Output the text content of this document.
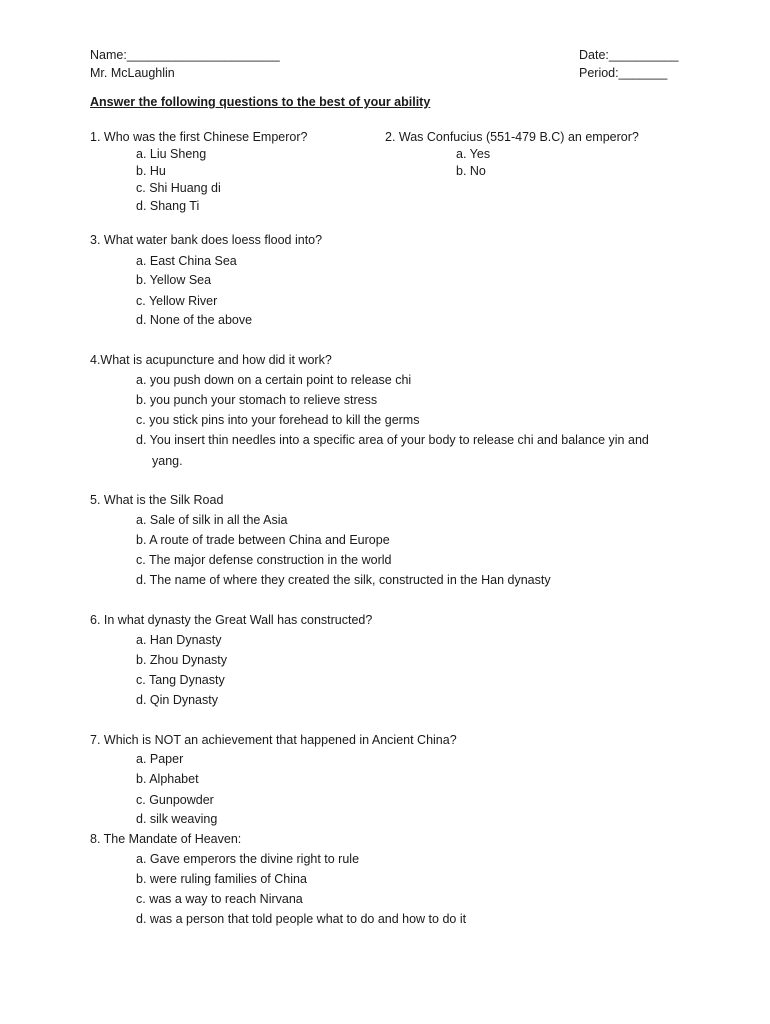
Name:______________________
Mr. McLaughlin
Date:__________
Period:_______
Answer the following questions to the best of your ability
1. Who was the first Chinese Emperor?
a. Liu Sheng
b. Hu
c. Shi Huang di
d. Shang Ti
2. Was Confucius (551-479 B.C) an emperor?
a. Yes
b. No
3. What water bank does loess flood into?
a. East China Sea
b. Yellow Sea
c. Yellow River
d. None of the above
4.What is acupuncture and how did it work?
a. you push down on a certain point to release chi
b. you punch your stomach to relieve stress
c. you stick pins into your forehead to kill the germs
d. You insert thin needles into a specific area of your body to release chi and balance yin and
yang.
5. What is the Silk Road
a. Sale of silk in all the Asia
b. A route of trade between China and Europe
c. The major defense construction in the world
d. The name of where they created the silk, constructed in the Han dynasty
6. In what dynasty the Great Wall has constructed?
a. Han Dynasty
b. Zhou Dynasty
c. Tang Dynasty
d. Qin Dynasty
7. Which is NOT an achievement that happened in Ancient China?
a. Paper
b. Alphabet
c. Gunpowder
d. silk weaving
8. The Mandate of Heaven:
a. Gave emperors the divine right to rule
b. were ruling families of China
c. was a way to reach Nirvana
d. was a person that told people what to do and how to do it
